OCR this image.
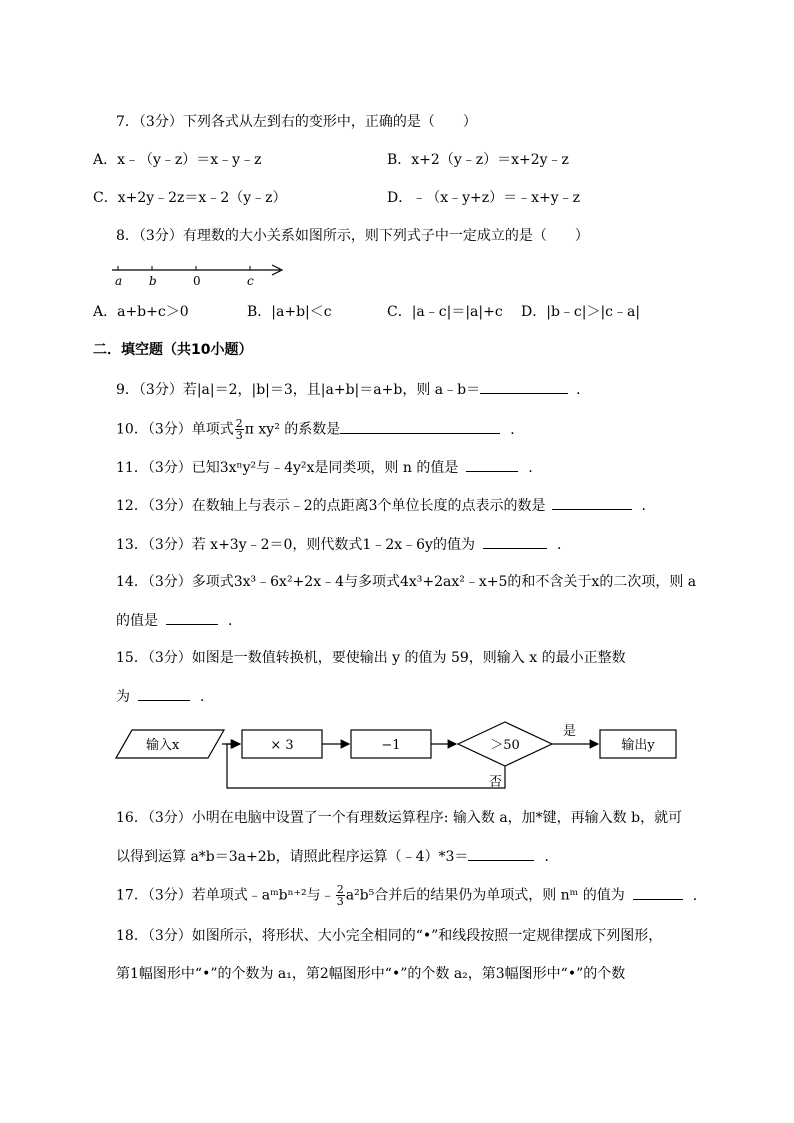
7．（3分）下列各式从左到右的变形中，正确的是（　　）
A．x﹣（y﹣z）＝x﹣y﹣z	B．x+2（y﹣z）＝x+2y﹣z
C．x+2y﹣2z＝x﹣2（y﹣z）	D．﹣（x﹣y+z）＝﹣x+y﹣z
8．（3分）有理数的大小关系如图所示，则下列式子中一定成立的是（　　）
a b	0	c
A．a+b+c＞0	B．|a+b|＜c	C．|a﹣c|＝|a|+c D．|b﹣c|＞|c﹣a|
二．填空题（共10小题）
9．（3分）若|a|＝2，|b|＝3，且|a+b|＝a+b，则 a﹣b＝	．
10．（3分）单项式 $\frac{2}{3}$ π xy² 的系数是	．
11．（3分）已知3xⁿy²与﹣4y²x是同类项，则 n 的值是	．
12．（3分）在数轴上与表示﹣2的点距离3个单位长度的点表示的数是	．
13．（3分）若 x+3y﹣2＝0，则代数式1﹣2x﹣6y的值为	．
14．（3分）多项式3x³﹣6x²+2x﹣4与多项式4x³+2ax²﹣x+5的和不含关于x的二次项，则 a
的值是	．
15．（3分）如图是一数值转换机，要使输出 y 的值为 59，则输入 x 的最小正整数
为	．
输入x	× 3	−1	＞50
是
输出y
否
16．（3分）小明在电脑中设置了一个有理数运算程序: 输入数 a，加*键，再输入数 b，就可
以得到运算 a*b＝3a+2b，请照此程序运算（﹣4）*3＝	．
17．（3分）若单项式﹣aᵐbⁿ⁺²与﹣ $\frac{2}{3} a^2b^5$合并后的结果仍为单项式，则 nᵐ 的值为	．
18．（3分）如图所示，将形状、大小完全相同的“•”和线段按照一定规律摆成下列图形，
第1幅图形中“•”的个数为 a₁，第2幅图形中“•”的个数 a₂，第3幅图形中“•”的个数
